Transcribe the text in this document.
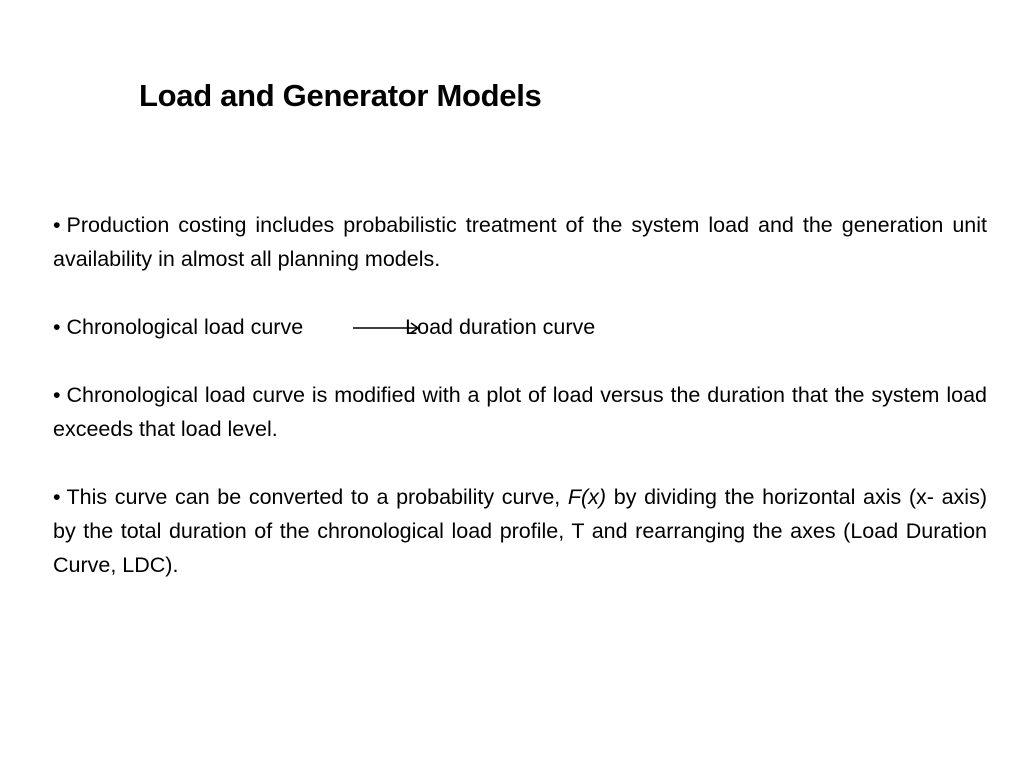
Load and Generator Models

• Production costing includes probabilistic treatment of the system load and the generation unit availability in almost all planning models.

• Chronological load curve	Load duration curve

• Chronological load curve is modified with a plot of load versus the duration that the system load exceeds that load level.

• This curve can be converted to a probability curve, F(x) by dividing the horizontal axis (x- axis) by the total duration of the chronological load profile, T and rearranging the axes (Load Duration Curve, LDC).
